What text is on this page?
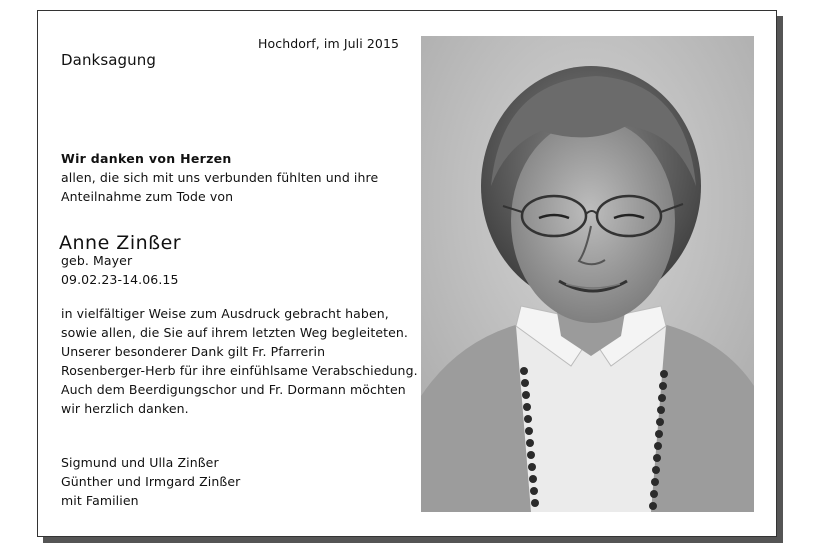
Hochdorf, im Juli 2015
Danksagung
Wir danken von Herzen
allen, die sich mit uns verbunden fühlten und ihre
Anteilnahme zum Tode von
Anne Zinßer
geb. Mayer
09.02.23-14.06.15
in vielfältiger Weise zum Ausdruck gebracht haben,
sowie allen, die Sie auf ihrem letzten Weg begleiteten.
Unserer besonderer Dank gilt Fr. Pfarrerin
Rosenberger-Herb für ihre einfühlsame Verabschiedung.
Auch dem Beerdigungschor und Fr. Dormann möchten
wir herzlich danken.
Sigmund und Ulla Zinßer
Günther und Irmgard Zinßer
mit Familien
